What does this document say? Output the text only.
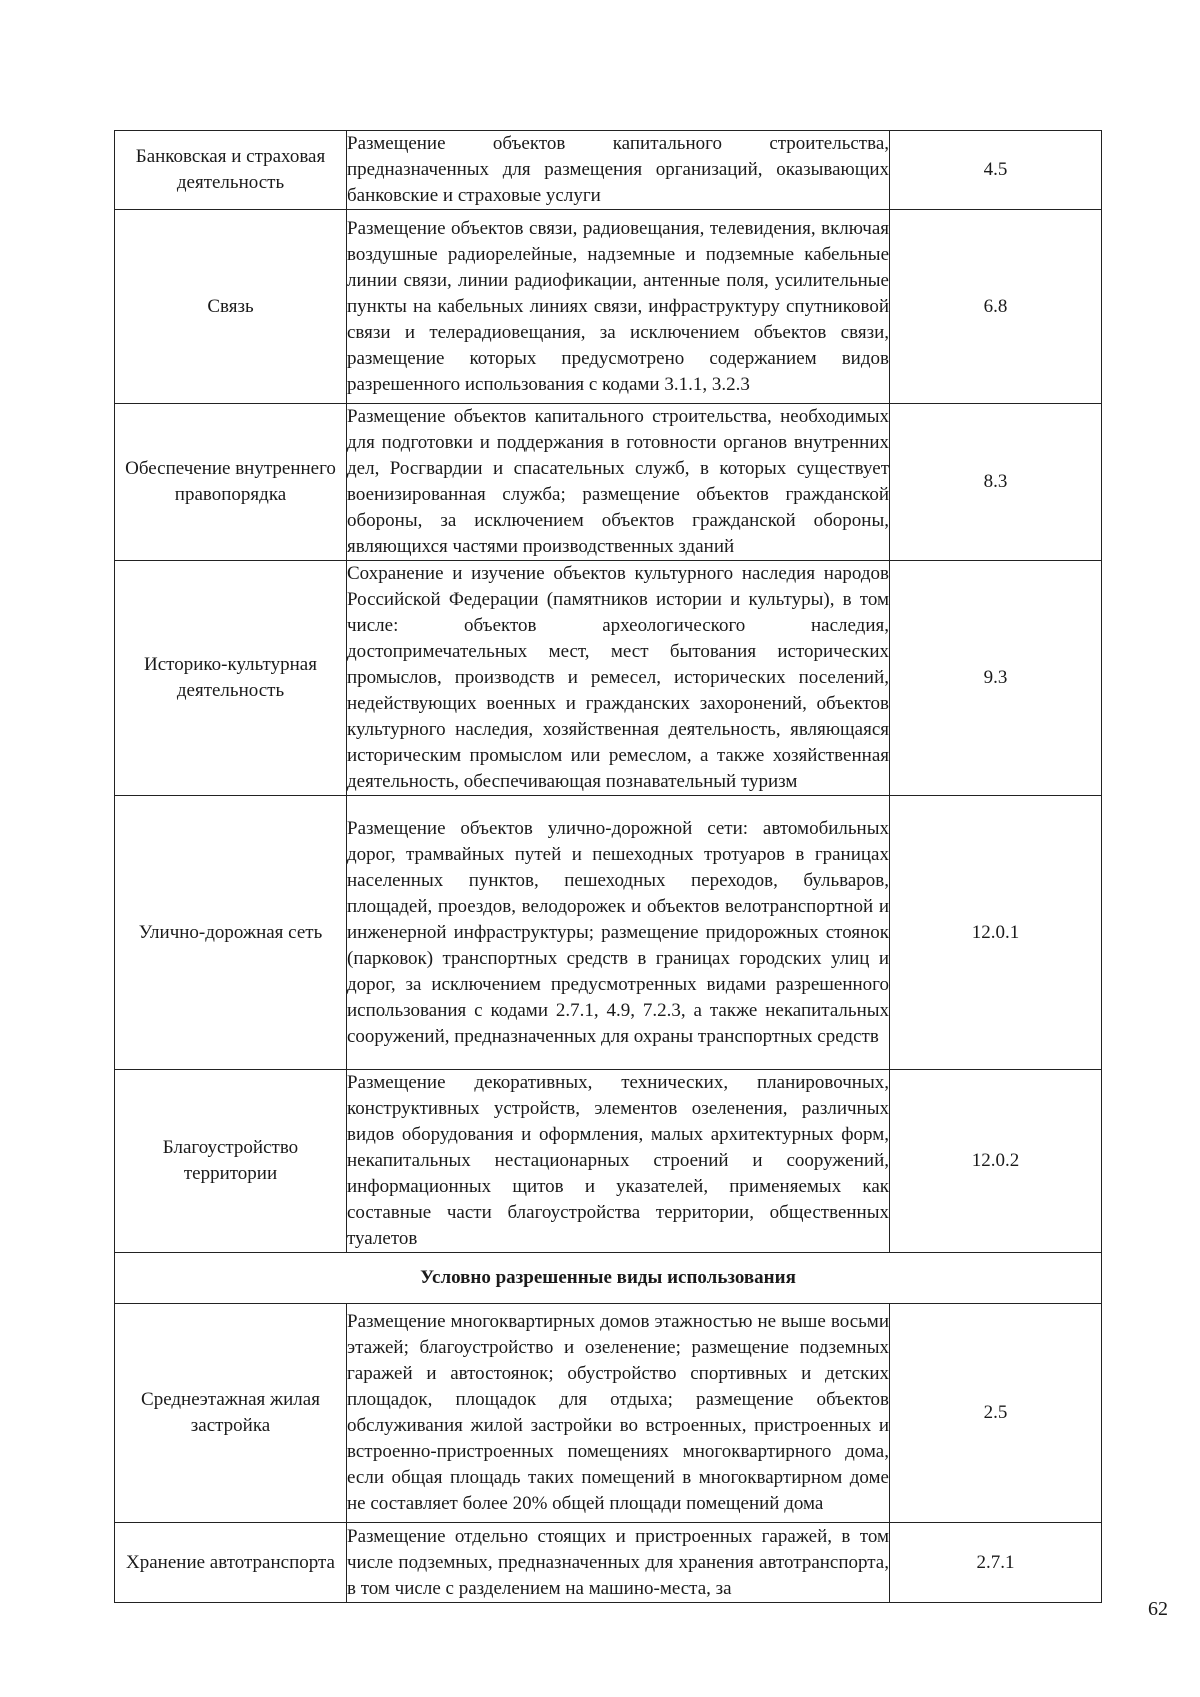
Банковская и страховая деятельность	Размещение объектов капитального строительства, предназначенных для размещения организаций, оказывающих банковские и страховые услуги	4.5
Связь	Размещение объектов связи, радиовещания, телевидения, включая воздушные радиорелейные, надземные и подземные кабельные линии связи, линии радиофикации, антенные поля, усилительные пункты на кабельных линиях связи, инфраструктуру спутниковой связи и телерадиовещания, за исключением объектов связи, размещение которых предусмотрено содержанием видов разрешенного использования с кодами 3.1.1, 3.2.3	6.8
Обеспечение внутреннего правопорядка	Размещение объектов капитального строительства, необходимых для подготовки и поддержания в готовности органов внутренних дел, Росгвардии и спасательных служб, в которых существует военизированная служба; размещение объектов гражданской обороны, за исключением объектов гражданской обороны, являющихся частями производственных зданий	8.3
Историко-культурная деятельность	Сохранение и изучение объектов культурного наследия народов Российской Федерации (памятников истории и культуры), в том числе: объектов археологического наследия, достопримечательных мест, мест бытования исторических промыслов, производств и ремесел, исторических поселений, недействующих военных и гражданских захоронений, объектов культурного наследия, хозяйственная деятельность, являющаяся историческим промыслом или ремеслом, а также хозяйственная деятельность, обеспечивающая познавательный туризм	9.3
Улично-дорожная сеть	Размещение объектов улично-дорожной сети: автомобильных дорог, трамвайных путей и пешеходных тротуаров в границах населенных пунктов, пешеходных переходов, бульваров, площадей, проездов, велодорожек и объектов велотранспортной и инженерной инфраструктуры; размещение придорожных стоянок (парковок) транспортных средств в границах городских улиц и дорог, за исключением предусмотренных видами разрешенного использования с кодами 2.7.1, 4.9, 7.2.3, а также некапитальных сооружений, предназначенных для охраны транспортных средств	12.0.1
Благоустройство территории	Размещение декоративных, технических, планировочных, конструктивных устройств, элементов озеленения, различных видов оборудования и оформления, малых архитектурных форм, некапитальных нестационарных строений и сооружений, информационных щитов и указателей, применяемых как составные части благоустройства территории, общественных туалетов	12.0.2
Условно разрешенные виды использования		
Среднеэтажная жилая застройка	Размещение многоквартирных домов этажностью не выше восьми этажей; благоустройство и озеленение; размещение подземных гаражей и автостоянок; обустройство спортивных и детских площадок, площадок для отдыха; размещение объектов обслуживания жилой застройки во встроенных, пристроенных и встроенно-пристроенных помещениях многоквартирного дома, если общая площадь таких помещений в многоквартирном доме не составляет более 20% общей площади помещений дома	2.5
Хранение автотранспорта	Размещение отдельно стоящих и пристроенных гаражей, в том числе подземных, предназначенных для хранения автотранспорта, в том числе с разделением на машино-места, за	2.7.1
62
